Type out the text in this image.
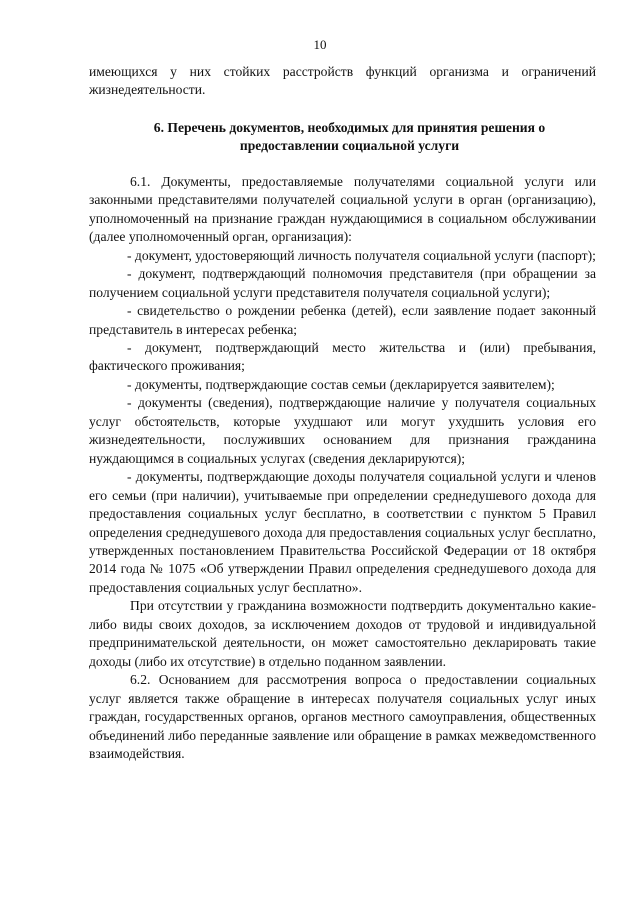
10

имеющихся у них стойких расстройств функций организма и ограничений жизнедеятельности.

6. Перечень документов, необходимых для принятия решения о предоставлении социальной услуги

6.1. Документы, предоставляемые получателями социальной услуги или законными представителями получателей социальной услуги в орган (организацию), уполномоченный на признание граждан нуждающимися в социальном обслуживании (далее уполномоченный орган, организация):

- документ, удостоверяющий личность получателя социальной услуги (паспорт);

- документ, подтверждающий полномочия представителя (при обращении за получением социальной услуги представителя получателя социальной услуги);

- свидетельство о рождении ребенка (детей), если заявление подает законный представитель в интересах ребенка;

- документ, подтверждающий место жительства и (или) пребывания, фактического проживания;

- документы, подтверждающие состав семьи (декларируется заявителем);

- документы (сведения), подтверждающие наличие у получателя социальных услуг обстоятельств, которые ухудшают или могут ухудшить условия его жизнедеятельности, послуживших основанием для признания гражданина нуждающимся в социальных услугах (сведения декларируются);

- документы, подтверждающие доходы получателя социальной услуги и членов его семьи (при наличии), учитываемые при определении среднедушевого дохода для предоставления социальных услуг бесплатно, в соответствии с пунктом 5 Правил определения среднедушевого дохода для предоставления социальных услуг бесплатно, утвержденных постановлением Правительства Российской Федерации от 18 октября 2014 года № 1075 «Об утверждении Правил определения среднедушевого дохода для предоставления социальных услуг бесплатно».

При отсутствии у гражданина возможности подтвердить документально какие-либо виды своих доходов, за исключением доходов от трудовой и индивидуальной предпринимательской деятельности, он может самостоятельно декларировать такие доходы (либо их отсутствие) в отдельно поданном заявлении.

6.2. Основанием для рассмотрения вопроса о предоставлении социальных услуг является также обращение в интересах получателя социальных услуг иных граждан, государственных органов, органов местного самоуправления, общественных объединений либо переданные заявление или обращение в рамках межведомственного взаимодействия.
